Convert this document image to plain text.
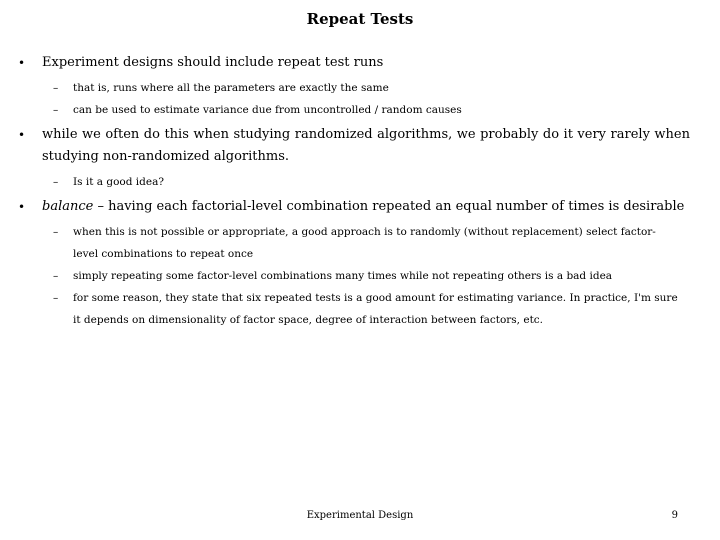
Repeat Tests
• Experiment designs should include repeat test runs
– that is, runs where all the parameters are exactly the same
– can be used to estimate variance due from uncontrolled / random causes
• while we often do this when studying randomized algorithms, we probably do it very rarely when studying non-randomized algorithms.
– Is it a good idea?
• balance – having each factorial-level combination repeated an equal number of times is desirable
– when this is not possible or appropriate, a good approach is to randomly (without replacement) select factor-level combinations to repeat once
– simply repeating some factor-level combinations many times while not repeating others is a bad idea
– for some reason, they state that six repeated tests is a good amount for estimating variance. In practice, I'm sure it depends on dimensionality of factor space, degree of interaction between factors, etc.
Experimental Design	9
